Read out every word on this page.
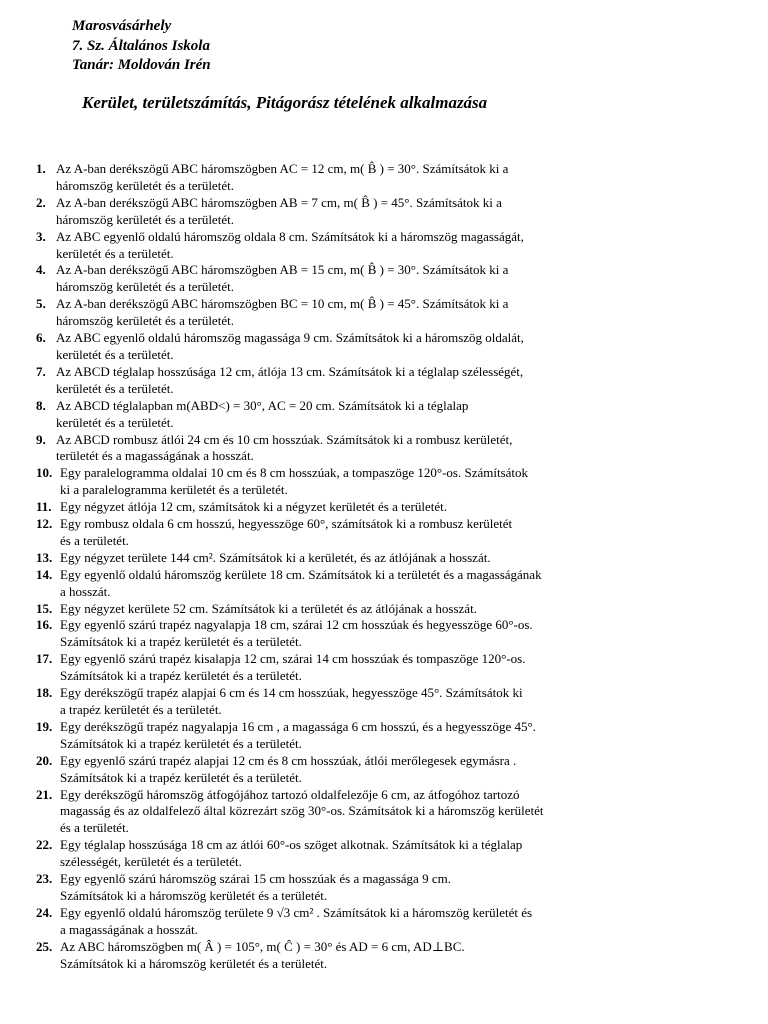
Marosvásárhely
7. Sz. Általános Iskola
Tanár: Moldován Irén
Kerület, területszámítás, Pitágorász tételének alkalmazása
1. Az A-ban derékszögű ABC háromszögben AC = 12 cm, m( B̂ ) = 30°. Számítsátok ki a
háromszög kerületét és a területét.
2. Az A-ban derékszögű ABC háromszögben AB = 7 cm, m( B̂ ) = 45°. Számítsátok ki a
háromszög kerületét és a területét.
3. Az ABC egyenlő oldalú háromszög oldala 8 cm. Számítsátok ki a háromszög magasságát,
kerületét és a területét.
4. Az A-ban derékszögű ABC háromszögben AB = 15 cm, m( B̂ ) = 30°. Számítsátok ki a
háromszög kerületét és a területét.
5. Az A-ban derékszögű ABC háromszögben BC = 10 cm, m( B̂ ) = 45°. Számítsátok ki a
háromszög kerületét és a területét.
6. Az ABC egyenlő oldalú háromszög magassága 9 cm. Számítsátok ki a háromszög oldalát,
kerületét és a területét.
7. Az ABCD téglalap hosszúsága 12 cm, átlója 13 cm. Számítsátok ki a téglalap szélességét,
kerületét és a területét.
8. Az ABCD téglalapban m(ABD<) = 30°, AC = 20 cm. Számítsátok ki a téglalap
kerületét és a területét.
9. Az ABCD rombusz átlói 24 cm és 10 cm hosszúak. Számítsátok ki a rombusz kerületét,
területét és a magasságának a hosszát.
10. Egy paralelogramma oldalai 10 cm és 8 cm hosszúak, a tompaszöge 120°-os. Számítsátok
ki a paralelogramma kerületét és a területét.
11. Egy négyzet átlója 12 cm, számítsátok ki a négyzet kerületét és a területét.
12. Egy rombusz oldala 6 cm hosszú, hegyesszöge 60°, számítsátok ki a rombusz kerületét
és a területét.
13. Egy négyzet területe 144 cm². Számítsátok ki a kerületét, és az átlójának a hosszát.
14. Egy egyenlő oldalú háromszög kerülete 18 cm. Számítsátok ki a területét és a magasságának
a hosszát.
15. Egy négyzet kerülete 52 cm. Számítsátok ki a területét és az átlójának a hosszát.
16. Egy egyenlő szárú trapéz nagyalapja 18 cm, szárai 12 cm hosszúak és hegyesszöge 60°-os.
Számítsátok ki a trapéz kerületét és a területét.
17. Egy egyenlő szárú trapéz kisalapja 12 cm, szárai 14 cm hosszúak és tompaszöge 120°-os.
Számítsátok ki a trapéz kerületét és a területét.
18. Egy derékszögű trapéz alapjai 6 cm és 14 cm hosszúak, hegyesszöge 45°. Számítsátok ki
a trapéz kerületét és a területét.
19. Egy derékszögű trapéz nagyalapja 16 cm , a magassága 6 cm hosszú, és a hegyesszöge 45°.
Számítsátok ki a trapéz kerületét és a területét.
20. Egy egyenlő szárú trapéz alapjai 12 cm és 8 cm hosszúak, átlói merőlegesek egymásra .
Számítsátok ki a trapéz kerületét és a területét.
21. Egy derékszögű háromszög átfogójához tartozó oldalfelezője 6 cm, az átfogóhoz tartozó
magasság és az oldalfelező által közrezárt szög 30°-os. Számítsátok ki a háromszög kerületét
és a területét.
22. Egy téglalap hosszúsága 18 cm az átlói 60°-os szöget alkotnak. Számítsátok ki a téglalap
szélességét, kerületét és a területét.
23. Egy egyenlő szárú háromszög szárai 15 cm hosszúak és a magassága 9 cm.
Számítsátok ki a háromszög kerületét és a területét.
24. Egy egyenlő oldalú háromszög területe 9 √3 cm² . Számítsátok ki a háromszög kerületét és
a magasságának a hosszát.
25. Az ABC háromszögben m( Â ) = 105°, m( Ĉ ) = 30° és AD = 6 cm, AD⊥BC.
Számítsátok ki a háromszög kerületét és a területét.
